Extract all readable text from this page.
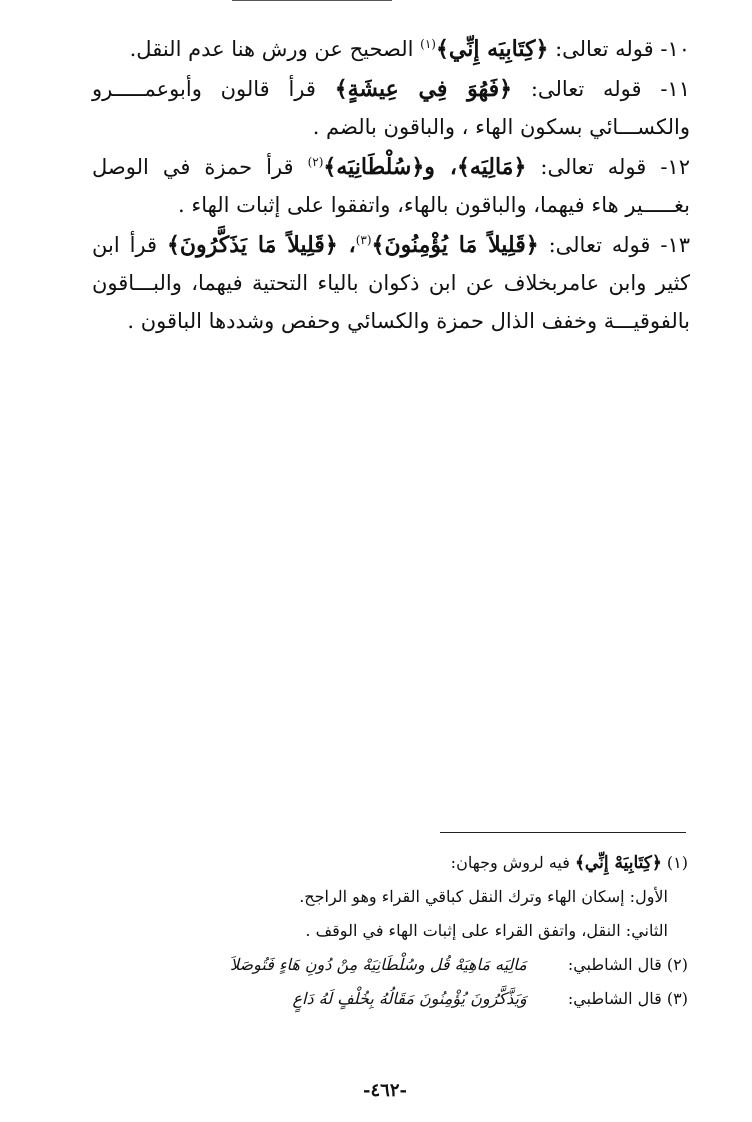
١٠- قوله تعالى: ﴿كِتَابِيَه إِنِّي﴾$^{(١)}$ الصحيح عن ورش هنا عدم النقل.

١١- قوله تعالى: ﴿فَهُوَ فِي عِيشَةٍ﴾ قرأ قالون وأبوعمـــــرو والكســـائي بسكون الهاء ، والباقون بالضم .

١٢- قوله تعالى: ﴿مَالِيَه﴾، و﴿سُلْطَانِيَه﴾$^{(٢)}$ قرأ حمزة في الوصل بغـــــير هاء فيهما، والباقون بالهاء، واتفقوا على إثبات الهاء .

١٣- قوله تعالى: ﴿قَلِيلاً مَا يُؤْمِنُونَ﴾$^{(٣)}$، ﴿قَلِيلاً مَا يَذَكَّرُونَ﴾ قرأ ابن كثير وابن عامربخلاف عن ابن ذكوان بالياء التحتية فيهما، والبـــاقون بالفوقيـــة وخفف الذال حمزة والكسائي وحفص وشددها الباقون .

(١) ﴿كِتَابِيَهْ إِنِّي﴾ فيه لروش وجهان:

الأول: إسكان الهاء وترك النقل كباقي القراء وهو الراجح.

الثاني: النقل، واتفق القراء على إثبات الهاء في الوقف .

(٢) قال الشاطبي: مَالِيَه مَاهِيَهْ قُل وسُلْطَانِيَهْ مِنْ دُونِ هَاءٍ فَتُوصَلاَ

(٣) قال الشاطبي: وَيَذَّكَّرُونَ يُؤْمِنُونَ مَقَالُهُ بِخُلْفٍ لَهُ دَاعٍ

-٤٦٢-
